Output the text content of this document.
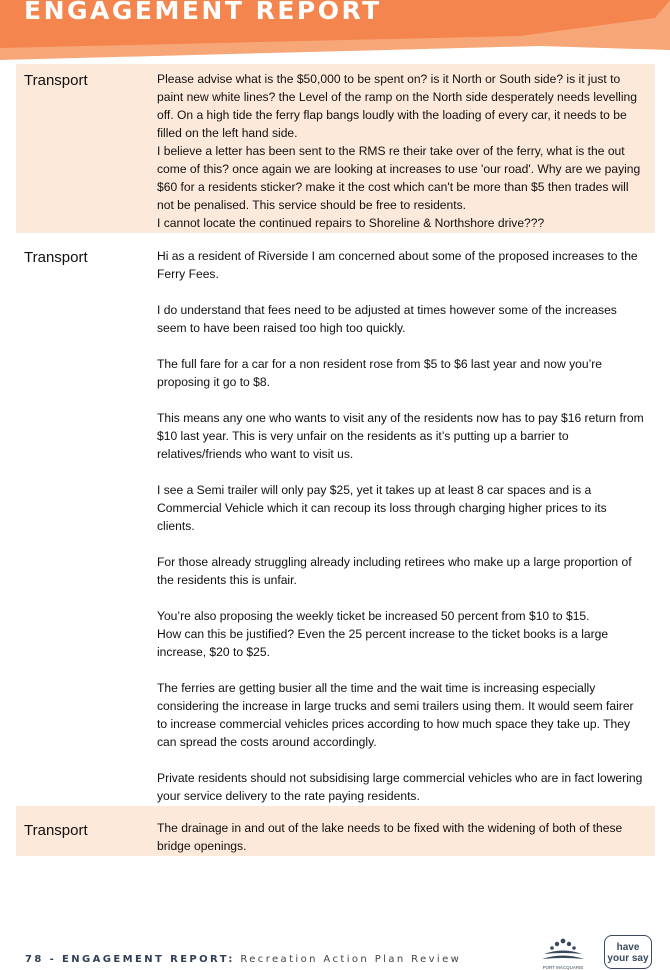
ENGAGEMENT REPORT
Transport	Please advise what is the $50,000 to be spent on? is it North or South side? is it just to paint new white lines? the Level of the ramp on the North side desperately needs levelling off. On a high tide the ferry flap bangs loudly with the loading of every car, it needs to be filled on the left hand side.
I believe a letter has been sent to the RMS re their take over of the ferry, what is the out come of this? once again we are looking at increases to use 'our road'. Why are we paying $60 for a residents sticker? make it the cost which can't be more than $5 then trades will not be penalised. This service should be free to residents.
I cannot locate the continued repairs to Shoreline & Northshore drive???

Transport	Hi as a resident of Riverside I am concerned about some of the proposed increases to the Ferry Fees.

I do understand that fees need to be adjusted at times however some of the increases seem to have been raised too high too quickly.

The full fare for a car for a non resident rose from $5 to $6 last year and now you’re proposing it go to $8.

This means any one who wants to visit any of the residents now has to pay $16 return from $10 last year. This is very unfair on the residents as it’s putting up a barrier to relatives/friends who want to visit us.

I see a Semi trailer will only pay $25, yet it takes up at least 8 car spaces and is a Commercial Vehicle which it can recoup its loss through charging higher prices to its clients.

For those already struggling already including retirees who make up a large proportion of the residents this is unfair.

You’re also proposing the weekly ticket be increased 50 percent from $10 to $15.
How can this be justified? Even the 25 percent increase to the ticket books is a large increase, $20 to $25.

The ferries are getting busier all the time and the wait time is increasing especially considering the increase in large trucks and semi trailers using them. It would seem fairer to increase commercial vehicles prices according to how much space they take up. They can spread the costs around accordingly.

Private residents should not subsidising large commercial vehicles who are in fact lowering your service delivery to the rate paying residents.

Transport	The drainage in and out of the lake needs to be fixed with the widening of both of these bridge openings.

78 - ENGAGEMENT REPORT: Recreation Action Plan Review
PORT MACQUARIE
have your say
